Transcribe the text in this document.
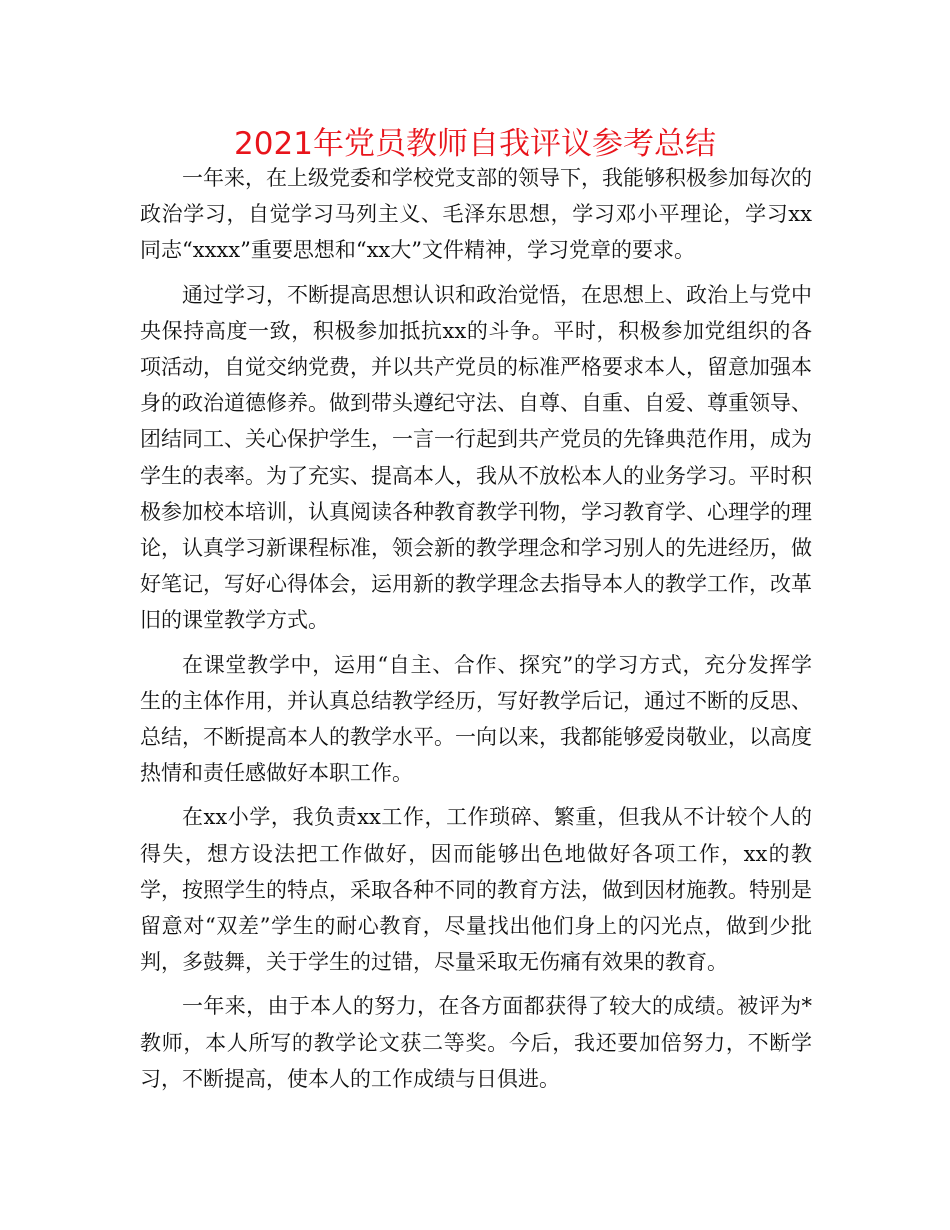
2021年党员教师自我评议参考总结

一年来，在上级党委和学校党支部的领导下，我能够积极参加每次的政治学习，自觉学习马列主义、毛泽东思想，学习邓小平理论，学习xx同志“xxxx”重要思想和“xx大”文件精神，学习党章的要求。

通过学习，不断提高思想认识和政治觉悟，在思想上、政治上与党中央保持高度一致，积极参加抵抗xx的斗争。平时，积极参加党组织的各项活动，自觉交纳党费，并以共产党员的标准严格要求本人，留意加强本身的政治道德修养。做到带头遵纪守法、自尊、自重、自爱、尊重领导、团结同工、关心保护学生，一言一行起到共产党员的先锋典范作用，成为学生的表率。为了充实、提高本人，我从不放松本人的业务学习。平时积极参加校本培训，认真阅读各种教育教学刊物，学习教育学、心理学的理论，认真学习新课程标准，领会新的教学理念和学习别人的先进经历，做好笔记，写好心得体会，运用新的教学理念去指导本人的教学工作，改革旧的课堂教学方式。

在课堂教学中，运用“自主、合作、探究”的学习方式，充分发挥学生的主体作用，并认真总结教学经历，写好教学后记，通过不断的反思、总结，不断提高本人的教学水平。一向以来，我都能够爱岗敬业，以高度热情和责任感做好本职工作。

在xx小学，我负责xx工作，工作琐碎、繁重，但我从不计较个人的得失，想方设法把工作做好，因而能够出色地做好各项工作，xx的教学，按照学生的特点，采取各种不同的教育方法，做到因材施教。特别是留意对“双差”学生的耐心教育，尽量找出他们身上的闪光点，做到少批判，多鼓舞，关于学生的过错，尽量采取无伤痛有效果的教育。

一年来，由于本人的努力，在各方面都获得了较大的成绩。被评为*教师，本人所写的教学论文获二等奖。今后，我还要加倍努力，不断学习，不断提高，使本人的工作成绩与日俱进。
